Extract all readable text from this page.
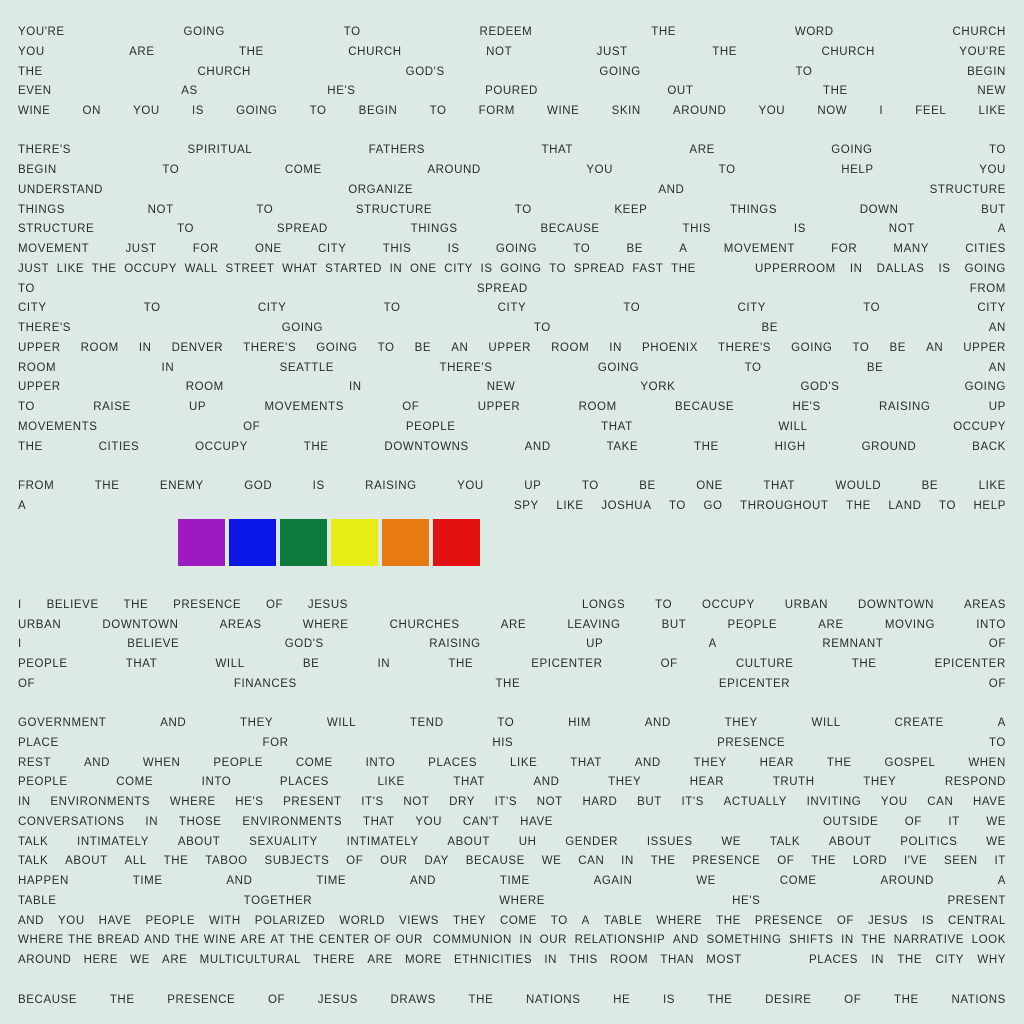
YOU'RE	GOING	TO	REDEEM	THE	WORD	CHURCH
YOU	ARE	THE	CHURCH	NOT	JUST	THE	CHURCH	YOU'RE
THE	CHURCH	GOD'S	GOING	TO	BEGIN
EVEN	AS	HE'S	POURED	OUT	THE	NEW
WINE	ON	YOU	IS	GOING	TO	BEGIN	TO	FORM	WINE	SKIN	AROUND	YOU	NOW	I	FEEL	LIKE
THERE'S	SPIRITUAL	FATHERS	THAT	ARE	GOING	TO
BEGIN	TO	COME	AROUND	YOU	TO	HELP	YOU
UNDERSTAND	ORGANIZE	AND	STRUCTURE
THINGS	NOT	TO	STRUCTURE	TO	KEEP	THINGS	DOWN	BUT
STRUCTURE	TO	SPREAD	THINGS	BECAUSE	THIS	IS	NOT	A
MOVEMENT	JUST	FOR	ONE	CITY	THIS	IS	GOING	TO	BE	A	MOVEMENT	FOR	MANY	CITIES
JUST LIKE THE OCCUPY WALL STREET WHAT STARTED IN ONE CITY IS GOING TO SPREAD FAST THE	UPPERROOM IN DALLAS IS GOING
TO	SPREAD	FROM
CITY	TO	CITY	TO	CITY	TO	CITY	TO	CITY
THERE'S	GOING	TO	BE	AN
UPPER ROOM IN DENVER THERE'S GOING TO BE AN UPPER ROOM IN PHOENIX THERE'S GOING TO BE AN UPPER
ROOM	IN	SEATTLE	THERE'S	GOING	TO	BE	AN
UPPER	ROOM	IN	NEW	YORK	GOD'S	GOING
TO	RAISE	UP	MOVEMENTS	OF	UPPER	ROOM	BECAUSE	HE'S	RAISING	UP
MOVEMENTS	OF	PEOPLE	THAT	WILL	OCCUPY
THE	CITIES	OCCUPY	THE	DOWNTOWNS	AND	TAKE	THE	HIGH	GROUND	BACK
FROM	THE	ENEMY	GOD	IS	RAISING	YOU	UP	TO	BE	ONE	THAT	WOULD	BE	LIKE
A	SPY LIKE JOSHUA TO GO THROUGHOUT THE LAND TO HELP
I BELIEVE THE PRESENCE OF JESUS	LONGS	TO	OCCUPY	URBAN	DOWNTOWN	AREAS
URBAN	DOWNTOWN	AREAS	WHERE	CHURCHES	ARE	LEAVING	BUT	PEOPLE	ARE	MOVING	INTO
I	BELIEVE	GOD'S	RAISING	UP	A	REMNANT	OF
PEOPLE	THAT	WILL	BE	IN	THE	EPICENTER	OF	CULTURE	THE	EPICENTER
OF	FINANCES	THE	EPICENTER	OF
GOVERNMENT	AND	THEY	WILL	TEND	TO	HIM	AND	THEY	WILL	CREATE	A
PLACE	FOR	HIS	PRESENCE	TO
REST	AND	WHEN	PEOPLE	COME	INTO	PLACES	LIKE	THAT	AND	THEY	HEAR	THE	GOSPEL	WHEN
PEOPLE	COME	INTO	PLACES	LIKE	THAT	AND	THEY	HEAR	TRUTH	THEY	RESPOND
IN ENVIRONMENTS WHERE HE'S PRESENT IT'S NOT DRY IT'S NOT HARD BUT IT'S ACTUALLY INVITING YOU CAN HAVE
CONVERSATIONS IN THOSE ENVIRONMENTS THAT YOU CAN'T HAVE	OUTSIDE OF IT WE
TALK INTIMATELY ABOUT SEXUALITY INTIMATELY ABOUT UH GENDER ISSUES WE TALK ABOUT POLITICS WE
TALK ABOUT ALL THE TABOO SUBJECTS OF OUR DAY BECAUSE WE CAN IN THE PRESENCE OF THE LORD I'VE SEEN IT
HAPPEN	TIME	AND	TIME	AND	TIME	AGAIN	WE	COME	AROUND	A
TABLE	TOGETHER	WHERE	HE'S	PRESENT
AND YOU HAVE PEOPLE WITH POLARIZED WORLD VIEWS THEY COME TO A TABLE WHERE THE PRESENCE OF JESUS IS CENTRAL
WHERE THE BREAD AND THE WINE ARE AT THE CENTER OF OUR COMMUNION IN OUR RELATIONSHIP AND SOMETHING SHIFTS IN THE NARRATIVE LOOK
AROUND HERE WE ARE MULTICULTURAL THERE ARE MORE ETHNICITIES IN THIS ROOM THAN MOST	PLACES IN THE CITY WHY
BECAUSE	THE	PRESENCE	OF	JESUS	DRAWS	THE	NATIONS	HE	IS	THE	DESIRE	OF	THE	NATIONS
